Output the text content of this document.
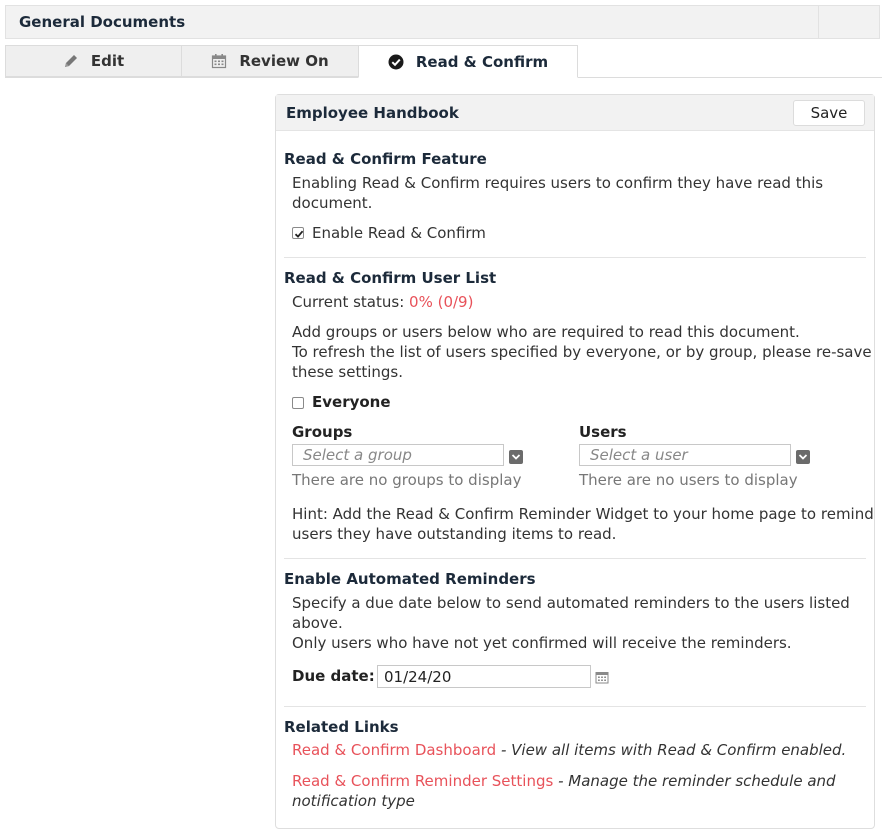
General Documents
Edit	Review On	Read & Confirm
Employee Handbook	Save
Read & Confirm Feature
Enabling Read & Confirm requires users to confirm they have read this
document.
Enable Read & Confirm
Read & Confirm User List
Current status: 0% (0/9)
Add groups or users below who are required to read this document.
To refresh the list of users specified by everyone, or by group, please re-save
these settings.
Everyone
Groups
Select a group
There are no groups to display
Users
Select a user
There are no users to display
Hint: Add the Read & Confirm Reminder Widget to your home page to remind
users they have outstanding items to read.
Enable Automated Reminders
Specify a due date below to send automated reminders to the users listed
above.
Only users who have not yet confirmed will receive the reminders.
Due date:
01/24/20
Related Links
Read & Confirm Dashboard - View all items with Read & Confirm enabled.
Read & Confirm Reminder Settings - Manage the reminder schedule and
notification type
